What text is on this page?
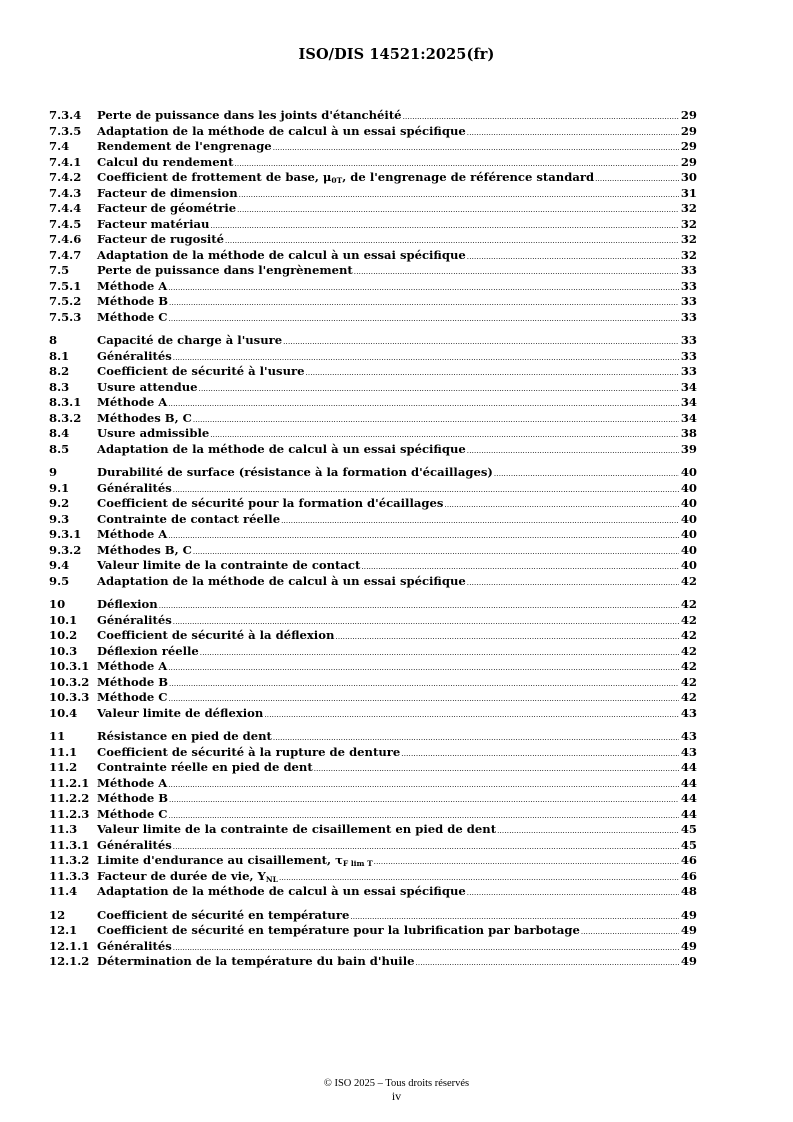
ISO/DIS 14521:2025(fr)
7.3.4	Perte de puissance dans les joints d'étanchéité .....	29
7.3.5	Adaptation de la méthode de calcul à un essai spécifique .....	29
7.4	Rendement de l'engrenage .....	29
7.4.1	Calcul du rendement .....	29
7.4.2	Coefficient de frottement de base, $\mu_{0T}$, de l'engrenage de référence standard .....	30
7.4.3	Facteur de dimension .....	31
7.4.4	Facteur de géométrie .....	32
7.4.5	Facteur matériau .....	32
7.4.6	Facteur de rugosité .....	32
7.4.7	Adaptation de la méthode de calcul à un essai spécifique .....	32
7.5	Perte de puissance dans l'engrènement .....	33
7.5.1	Méthode A .....	33
7.5.2	Méthode B .....	33
7.5.3	Méthode C .....	33
8	Capacité de charge à l'usure .....	33
8.1	Généralités .....	33
8.2	Coefficient de sécurité à l'usure .....	33
8.3	Usure attendue .....	34
8.3.1	Méthode A .....	34
8.3.2	Méthodes B, C .....	34
8.4	Usure admissible .....	38
8.5	Adaptation de la méthode de calcul à un essai spécifique .....	39
9	Durabilité de surface (résistance à la formation d'écaillages) .....	40
9.1	Généralités .....	40
9.2	Coefficient de sécurité pour la formation d'écaillages .....	40
9.3	Contrainte de contact réelle .....	40
9.3.1	Méthode A .....	40
9.3.2	Méthodes B, C .....	40
9.4	Valeur limite de la contrainte de contact .....	40
9.5	Adaptation de la méthode de calcul à un essai spécifique .....	42
10	Déflexion .....	42
10.1	Généralités .....	42
10.2	Coefficient de sécurité à la déflexion .....	42
10.3	Déflexion réelle .....	42
10.3.1 Méthode A .....	42
10.3.2 Méthode B .....	42
10.3.3 Méthode C .....	42
10.4	Valeur limite de déflexion .....	43
11	Résistance en pied de dent .....	43
11.1	Coefficient de sécurité à la rupture de denture .....	43
11.2	Contrainte réelle en pied de dent .....	44
11.2.1 Méthode A .....	44
11.2.2 Méthode B .....	44
11.2.3 Méthode C .....	44
11.3	Valeur limite de la contrainte de cisaillement en pied de dent .....	45
11.3.1 Généralités .....	45
11.3.2 Limite d'endurance au cisaillement, $\tau_{F lim T}$ .....	46
11.3.3 Facteur de durée de vie, $Y_{NL}$ .....	46
11.4	Adaptation de la méthode de calcul à un essai spécifique .....	48
12	Coefficient de sécurité en température .....	49
12.1	Coefficient de sécurité en température pour la lubrification par barbotage .....	49
12.1.1 Généralités .....	49
12.1.2 Détermination de la température du bain d'huile .....	49
© ISO 2025 – Tous droits réservés
iv
